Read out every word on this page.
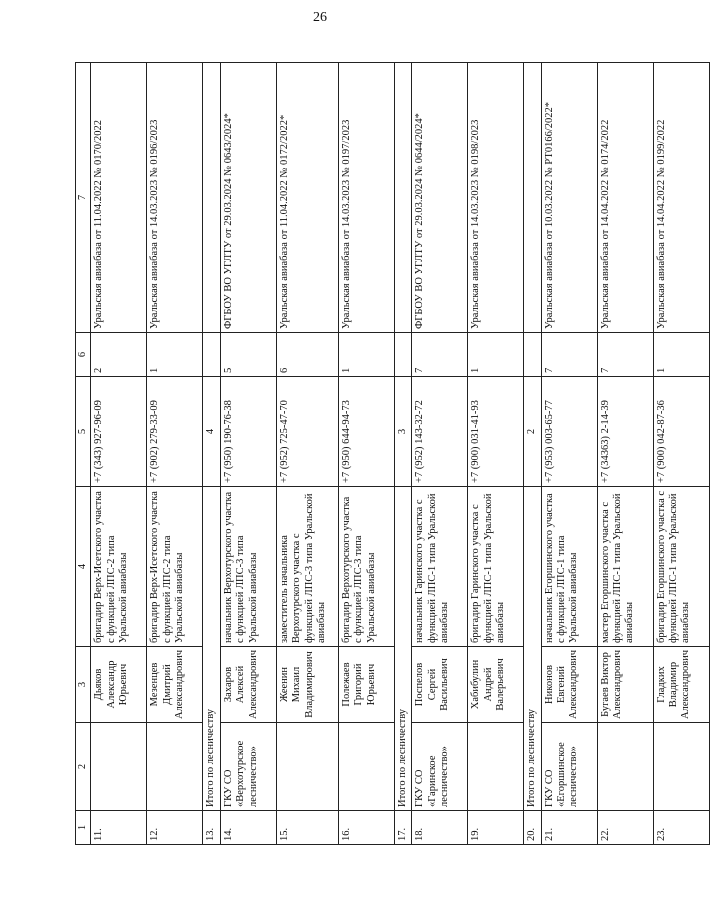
26
1	2	3	4	5	6	7
11.		Дьяков Александр Юрьевич	бригадир Верх-Исетского участка с функцией ЛПС-2 типа Уральской авиабазы	+7 (343) 927-96-09	2	Уральская авиабаза от 11.04.2022 № 0170/2022
12.		Мезенцев Дмитрий Александрович	бригадир Верх-Исетского участка с функцией ЛПС-2 типа Уральской авиабазы	+7 (902) 279-33-09	1	Уральская авиабаза от 14.03.2023 № 0196/2023
13.	Итого по лесничеству			4		
14.	ГКУ СО «Верхотурское лесничество»	Захаров Алексей Александрович	начальник Верхотурского участка с функцией ЛПС-3 типа Уральской авиабазы	+7 (950) 190-76-38	5	ФГБОУ ВО УГЛТУ от 29.03.2024 № 0643/2024*
15.		Жеенин Михаил Владимирович	заместитель начальника Верхотурского участка с функцией ЛПС-3 типа Уральской авиабазы	+7 (952) 725-47-70	6	Уральская авиабаза от 11.04.2022 № 0172/2022*
16.		Полежаев Григорий Юрьевич	бригадир Верхотурского участка с функцией ЛПС-3 типа Уральской авиабазы	+7 (950) 644-94-73	1	Уральская авиабаза от 14.03.2023 № 0197/2023
17.	Итого по лесничеству			3		
18.	ГКУ СО «Гаринское лесничество»	Поспелов Сергей Васильевич	начальник Гаринского участка с функцией ЛПС-1 типа Уральской авиабазы	+7 (952) 143-32-72	7	ФГБОУ ВО УГЛТУ от 29.03.2024 № 0644/2024*
19.		Хабибулин Андрей Валерьевич	бригадир Гаринского участка с функцией ЛПС-1 типа Уральской авиабазы	+7 (900) 031-41-93	1	Уральская авиабаза от 14.03.2023 № 0198/2023
20.	Итого по лесничеству			2		
21.	ГКУ СО «Егоршинское лесничество»	Никонов Евгений Александрович	начальник Егоршинского участка с функцией ЛПС-1 типа Уральской авиабазы	+7 (953) 003-65-77	7	Уральская авиабаза от 10.03.2022 № РТ0166/2022*
22.		Бугаев Виктор Александрович	мастер Егоршинского участка с функцией ЛПС-1 типа Уральской авиабазы	+7 (34363) 2-14-39	7	Уральская авиабаза от 14.04.2022 № 0174/2022
23.		Гладких Владимир Александрович	бригадир Егоршинского участка с функцией ЛПС-1 типа Уральской авиабазы	+7 (900) 042-87-36	1	Уральская авиабаза от 14.04.2022 № 0199/2022
